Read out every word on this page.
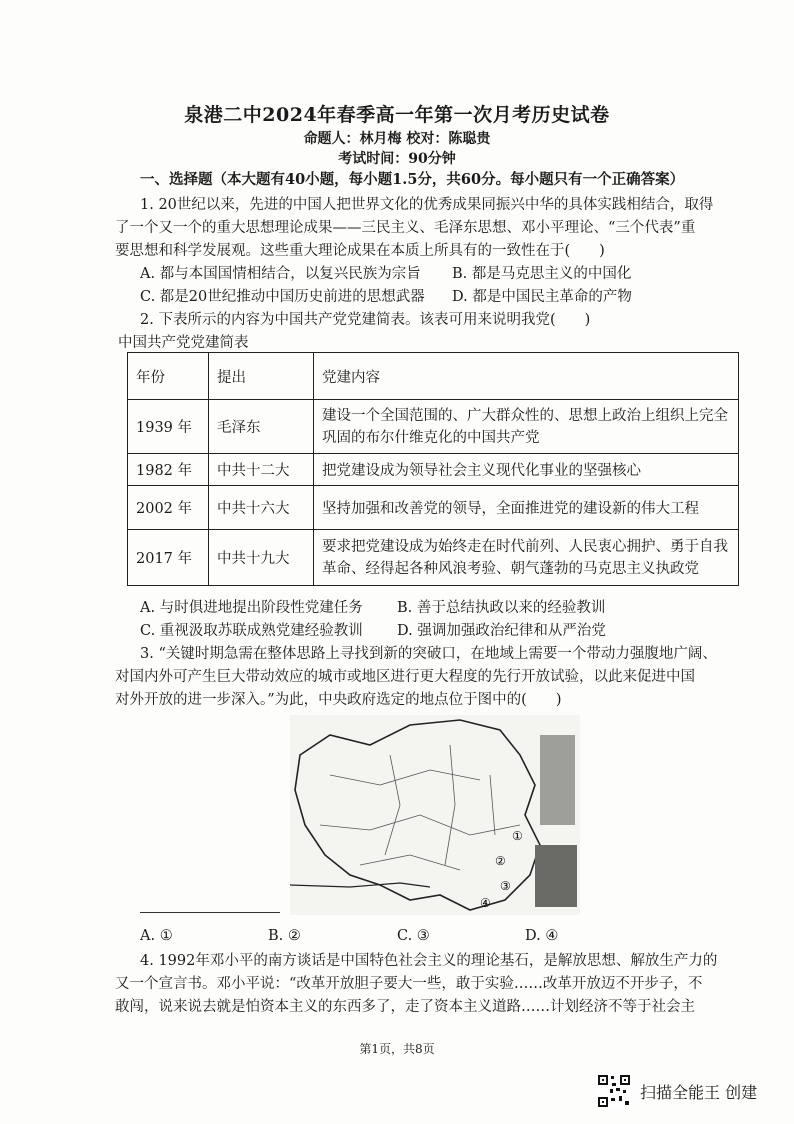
泉港二中2024年春季高一年第一次月考历史试卷
命题人：林月梅 校对：陈聪贵
考试时间：90分钟
一、选择题（本大题有40小题，每小题1.5分，共60分。每小题只有一个正确答案）
1. 20世纪以来，先进的中国人把世界文化的优秀成果同振兴中华的具体实践相结合，取得
了一个又一个的重大思想理论成果——三民主义、毛泽东思想、邓小平理论、“三个代表”重
要思想和科学发展观。这些重大理论成果在本质上所具有的一致性在于(　　)
A. 都与本国国情相结合，以复兴民族为宗旨 B. 都是马克思主义的中国化
C. 都是20世纪推动中国历史前进的思想武器 D. 都是中国民主革命的产物
2. 下表所示的内容为中国共产党党建简表。该表可用来说明我党(　　)
中国共产党党建简表
年份	提出	党建内容
1939 年	毛泽东	建设一个全国范围的、广大群众性的、思想上政治上组织上完全巩固的布尔什维克化的中国共产党
1982 年	中共十二大	把党建设成为领导社会主义现代化事业的坚强核心
2002 年	中共十六大	坚持加强和改善党的领导，全面推进党的建设新的伟大工程
2017 年	中共十九大	要求把党建设成为始终走在时代前列、人民衷心拥护、勇于自我革命、经得起各种风浪考验、朝气蓬勃的马克思主义执政党
A. 与时俱进地提出阶段性党建任务 B. 善于总结执政以来的经验教训
C. 重视汲取苏联成熟党建经验教训 D. 强调加强政治纪律和从严治党
3. “关键时期急需在整体思路上寻找到新的突破口，在地域上需要一个带动力强腹地广阔、
对国内外可产生巨大带动效应的城市或地区进行更大程度的先行开放试验，以此来促进中国
对外开放的进一步深入。”为此，中央政府选定的地点位于图中的(　　)
①
②
③
④
A. ①	B. ②	C. ③	D. ④
4. 1992年邓小平的南方谈话是中国特色社会主义的理论基石，是解放思想、解放生产力的
又一个宣言书。邓小平说：“改革开放胆子要大一些，敢于实验……改革开放迈不开步子，不
敢闯，说来说去就是怕资本主义的东西多了，走了资本主义道路……计划经济不等于社会主
第1页，共8页
扫描全能王 创建
